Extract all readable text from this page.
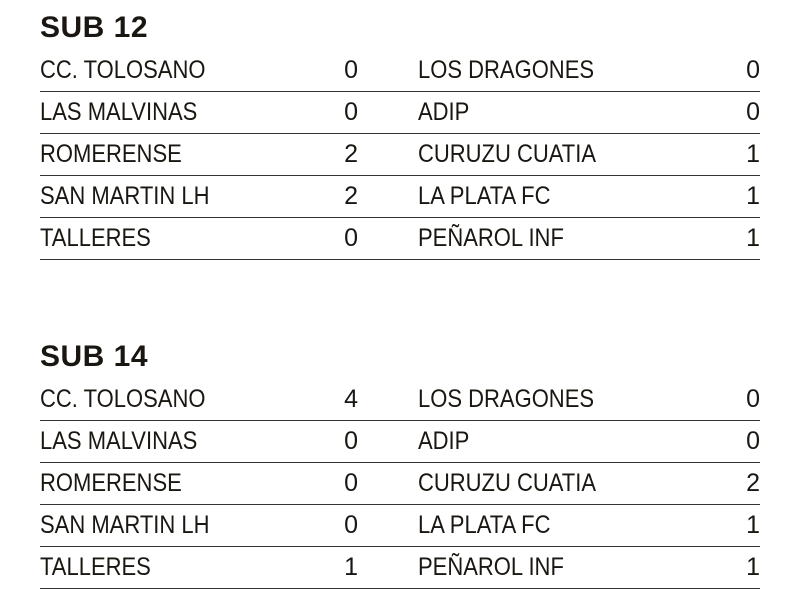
SUB 12
CC. TOLOSANO	0 LOS DRAGONES	0
LAS MALVINAS	0 ADIP	0
ROMERENSE	2 CURUZU CUATIA	1
SAN MARTIN LH	2 LA PLATA FC	1
TALLERES	0 PEÑAROL INF	1
SUB 14
CC. TOLOSANO	4 LOS DRAGONES	0
LAS MALVINAS	0 ADIP	0
ROMERENSE	0 CURUZU CUATIA	2
SAN MARTIN LH	0 LA PLATA FC	1
TALLERES	1 PEÑAROL INF	1
